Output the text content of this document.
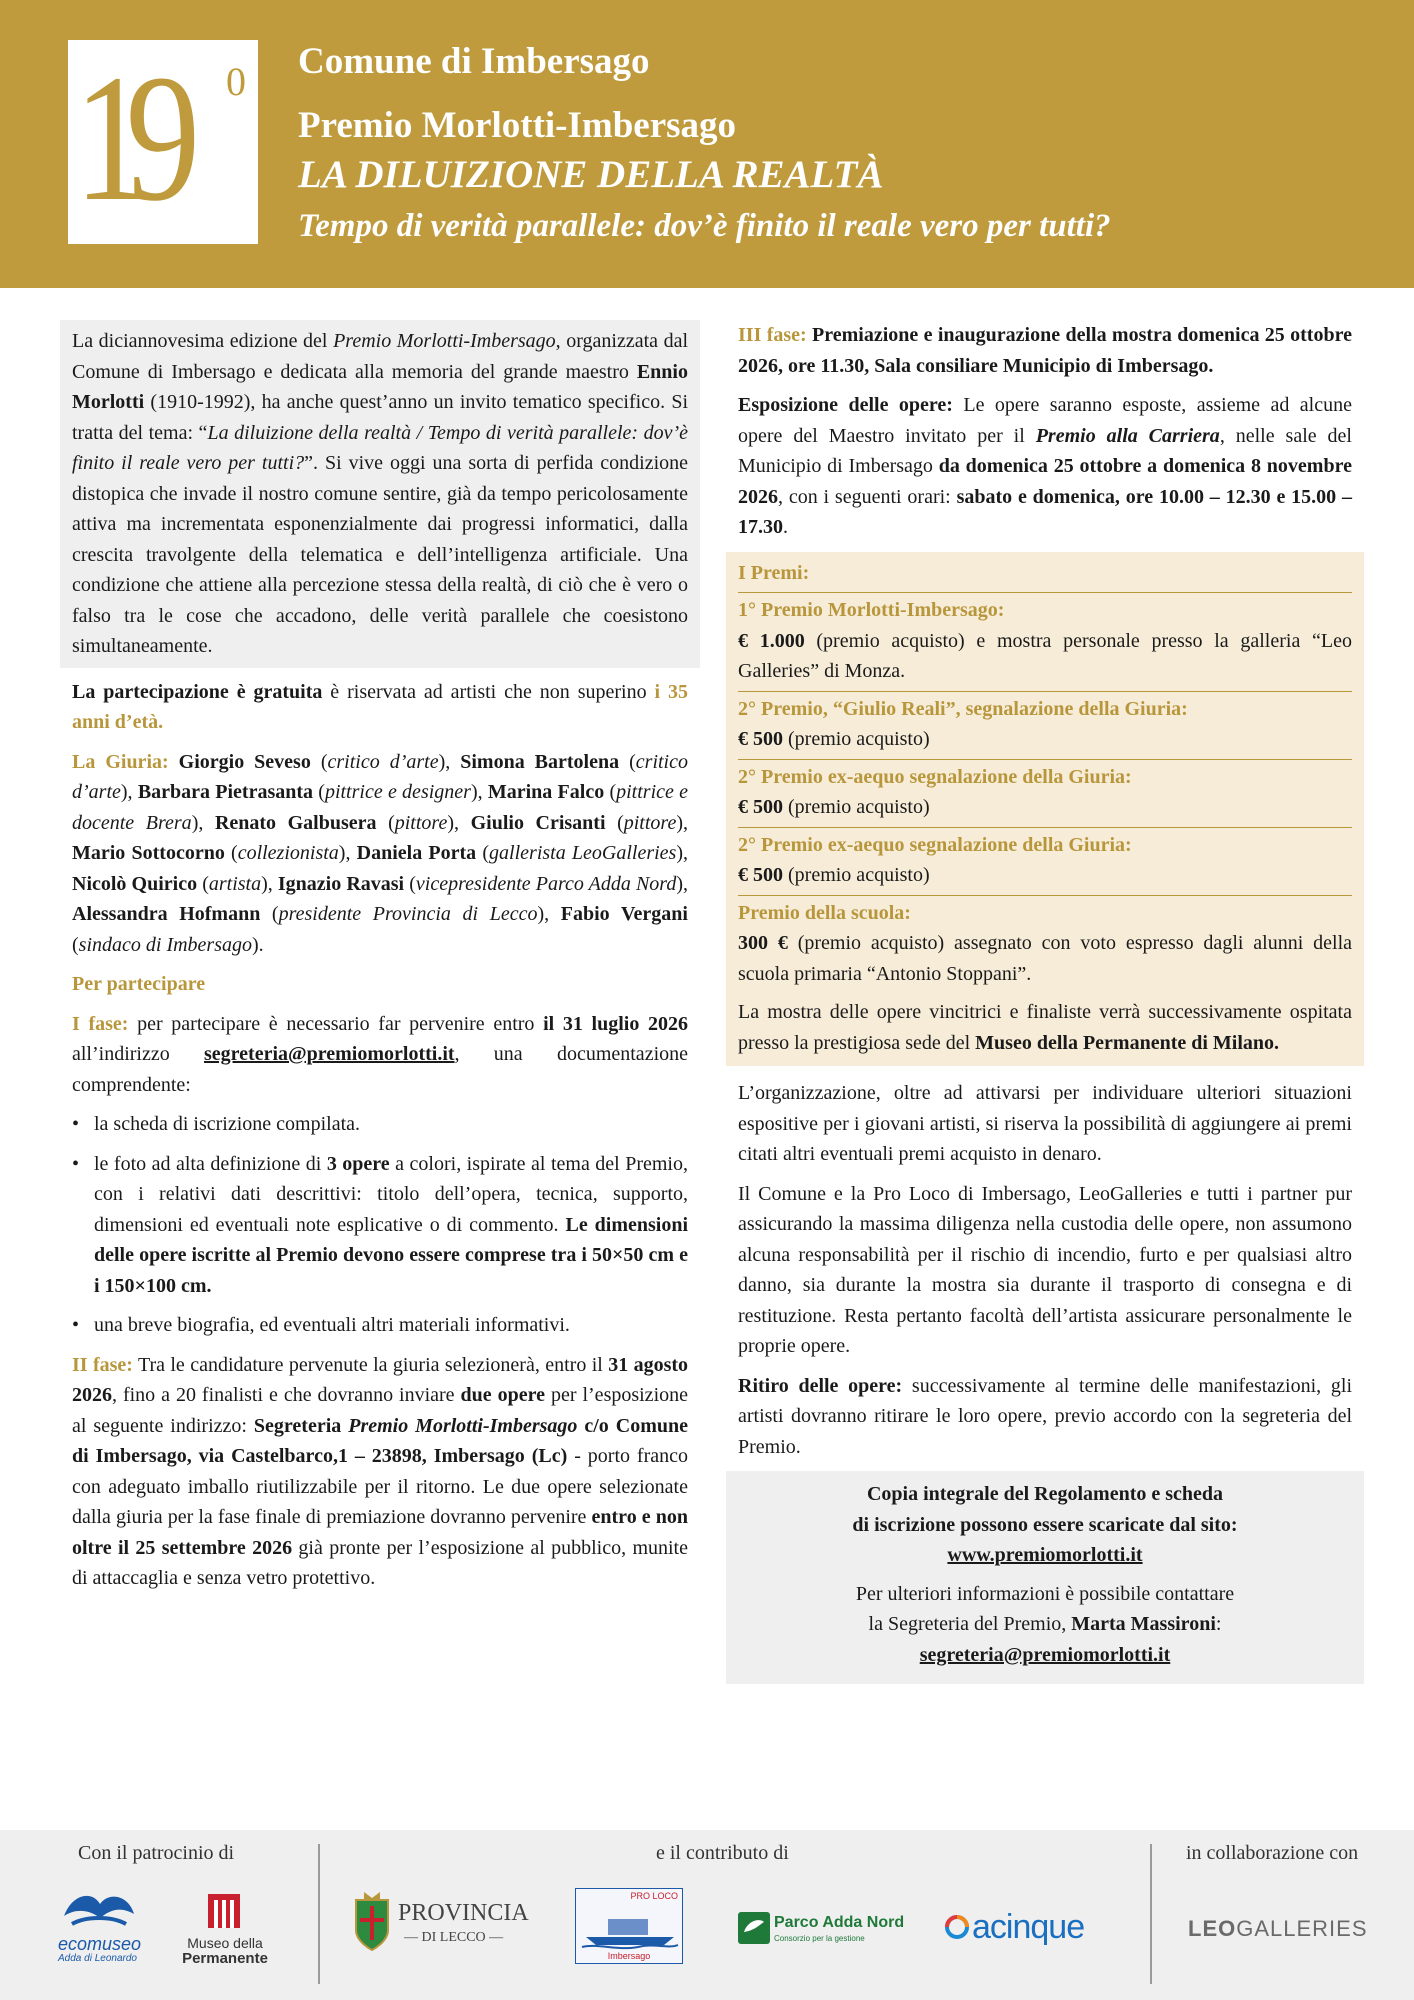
19 0 Comune di Imbersago
Premio Morlotti-Imbersago
LA DILUIZIONE DELLA REALTÀ
Tempo di verità parallele: dov’è finito il reale vero per tutti?
La diciannovesima edizione del Premio Morlotti-Imbersago, organizzata dal Comune di Imbersago e dedicata alla memoria del grande maestro Ennio Morlotti (1910-1992), ha anche quest’anno un invito tematico specifico. Si tratta del tema: “La diluizione della realtà / Tempo di verità parallele: dov’è finito il reale vero per tutti?”. Si vive oggi una sorta di perfida condizione distopica che invade il nostro comune sentire, già da tempo pericolosamente attiva ma incrementata esponenzialmente dai progressi informatici, dalla crescita travolgente della telematica e dell’intelligenza artificiale. Una condizione che attiene alla percezione stessa della realtà, di ciò che è vero o falso tra le cose che accadono, delle verità parallele che coesistono simultaneamente.
La partecipazione è gratuita è riservata ad artisti che non superino i 35 anni d’età.
La Giuria: Giorgio Seveso (critico d’arte), Simona Bartolena (critico d’arte), Barbara Pietrasanta (pittrice e designer), Marina Falco (pittrice e docente Brera), Renato Galbusera (pittore), Giulio Crisanti (pittore), Mario Sottocorno (collezionista), Daniela Porta (gallerista LeoGalleries), Nicolò Quirico (artista), Ignazio Ravasi (vicepresidente Parco Adda Nord), Alessandra Hofmann (presidente Provincia di Lecco), Fabio Vergani (sindaco di Imbersago).
Per partecipare
I fase: per partecipare è necessario far pervenire entro il 31 luglio 2026 all’indirizzo segreteria@premiomorlotti.it, una documentazione comprendente:
• la scheda di iscrizione compilata.
• le foto ad alta definizione di 3 opere a colori, ispirate al tema del Premio, con i relativi dati descrittivi: titolo dell’opera, tecnica, supporto, dimensioni ed eventuali note esplicative o di commento. Le dimensioni delle opere iscritte al Premio devono essere comprese tra i 50×50 cm e i 150×100 cm.
• una breve biografia, ed eventuali altri materiali informativi.
II fase: Tra le candidature pervenute la giuria selezionerà, entro il 31 agosto 2026, fino a 20 finalisti e che dovranno inviare due opere per l’esposizione al seguente indirizzo: Segreteria Premio Morlotti-Imbersago c/o Comune di Imbersago, via Castelbarco,1 – 23898, Imbersago (Lc) - porto franco con adeguato imballo riutilizzabile per il ritorno. Le due opere selezionate dalla giuria per la fase finale di premiazione dovranno pervenire entro e non oltre il 25 settembre 2026 già pronte per l’esposizione al pubblico, munite di attaccaglia e senza vetro protettivo.
III fase: Premiazione e inaugurazione della mostra domenica 25 ottobre 2026, ore 11.30, Sala consiliare Municipio di Imbersago.
Esposizione delle opere: Le opere saranno esposte, assieme ad alcune opere del Maestro invitato per il Premio alla Carriera, nelle sale del Municipio di Imbersago da domenica 25 ottobre a domenica 8 novembre 2026, con i seguenti orari: sabato e domenica, ore 10.00 – 12.30 e 15.00 – 17.30.
I Premi:
1° Premio Morlotti-Imbersago:
€ 1.000 (premio acquisto) e mostra personale presso la galleria “Leo Galleries” di Monza.
2° Premio, “Giulio Reali”, segnalazione della Giuria:
€ 500 (premio acquisto)
2° Premio ex-aequo segnalazione della Giuria:
€ 500 (premio acquisto)
2° Premio ex-aequo segnalazione della Giuria:
€ 500 (premio acquisto)
Premio della scuola:
300 € (premio acquisto) assegnato con voto espresso dagli alunni della scuola primaria “Antonio Stoppani”.
La mostra delle opere vincitrici e finaliste verrà successivamente ospitata presso la prestigiosa sede del Museo della Permanente di Milano.
L’organizzazione, oltre ad attivarsi per individuare ulteriori situazioni espositive per i giovani artisti, si riserva la possibilità di aggiungere ai premi citati altri eventuali premi acquisto in denaro.
Il Comune e la Pro Loco di Imbersago, LeoGalleries e tutti i partner pur assicurando la massima diligenza nella custodia delle opere, non assumono alcuna responsabilità per il rischio di incendio, furto e per qualsiasi altro danno, sia durante la mostra sia durante il trasporto di consegna e di restituzione. Resta pertanto facoltà dell’artista assicurare personalmente le proprie opere.
Ritiro delle opere: successivamente al termine delle manifestazioni, gli artisti dovranno ritirare le loro opere, previo accordo con la segreteria del Premio.
Copia integrale del Regolamento e scheda
di iscrizione possono essere scaricate dal sito:
www.premiomorlotti.it
Per ulteriori informazioni è possibile contattare
la Segreteria del Premio, Marta Massironi:
segreteria@premiomorlotti.it
Con il patrocinio di	e il contributo di	in collaborazione con
ecomuseo
Adda di Leonardo
Museo della
Permanente
PROVINCIA
— DI LECCO —
PRO LOCO
Imbersago
Parco Adda Nord
Consorzio per la gestione	acinque	LEOGALLERIES
